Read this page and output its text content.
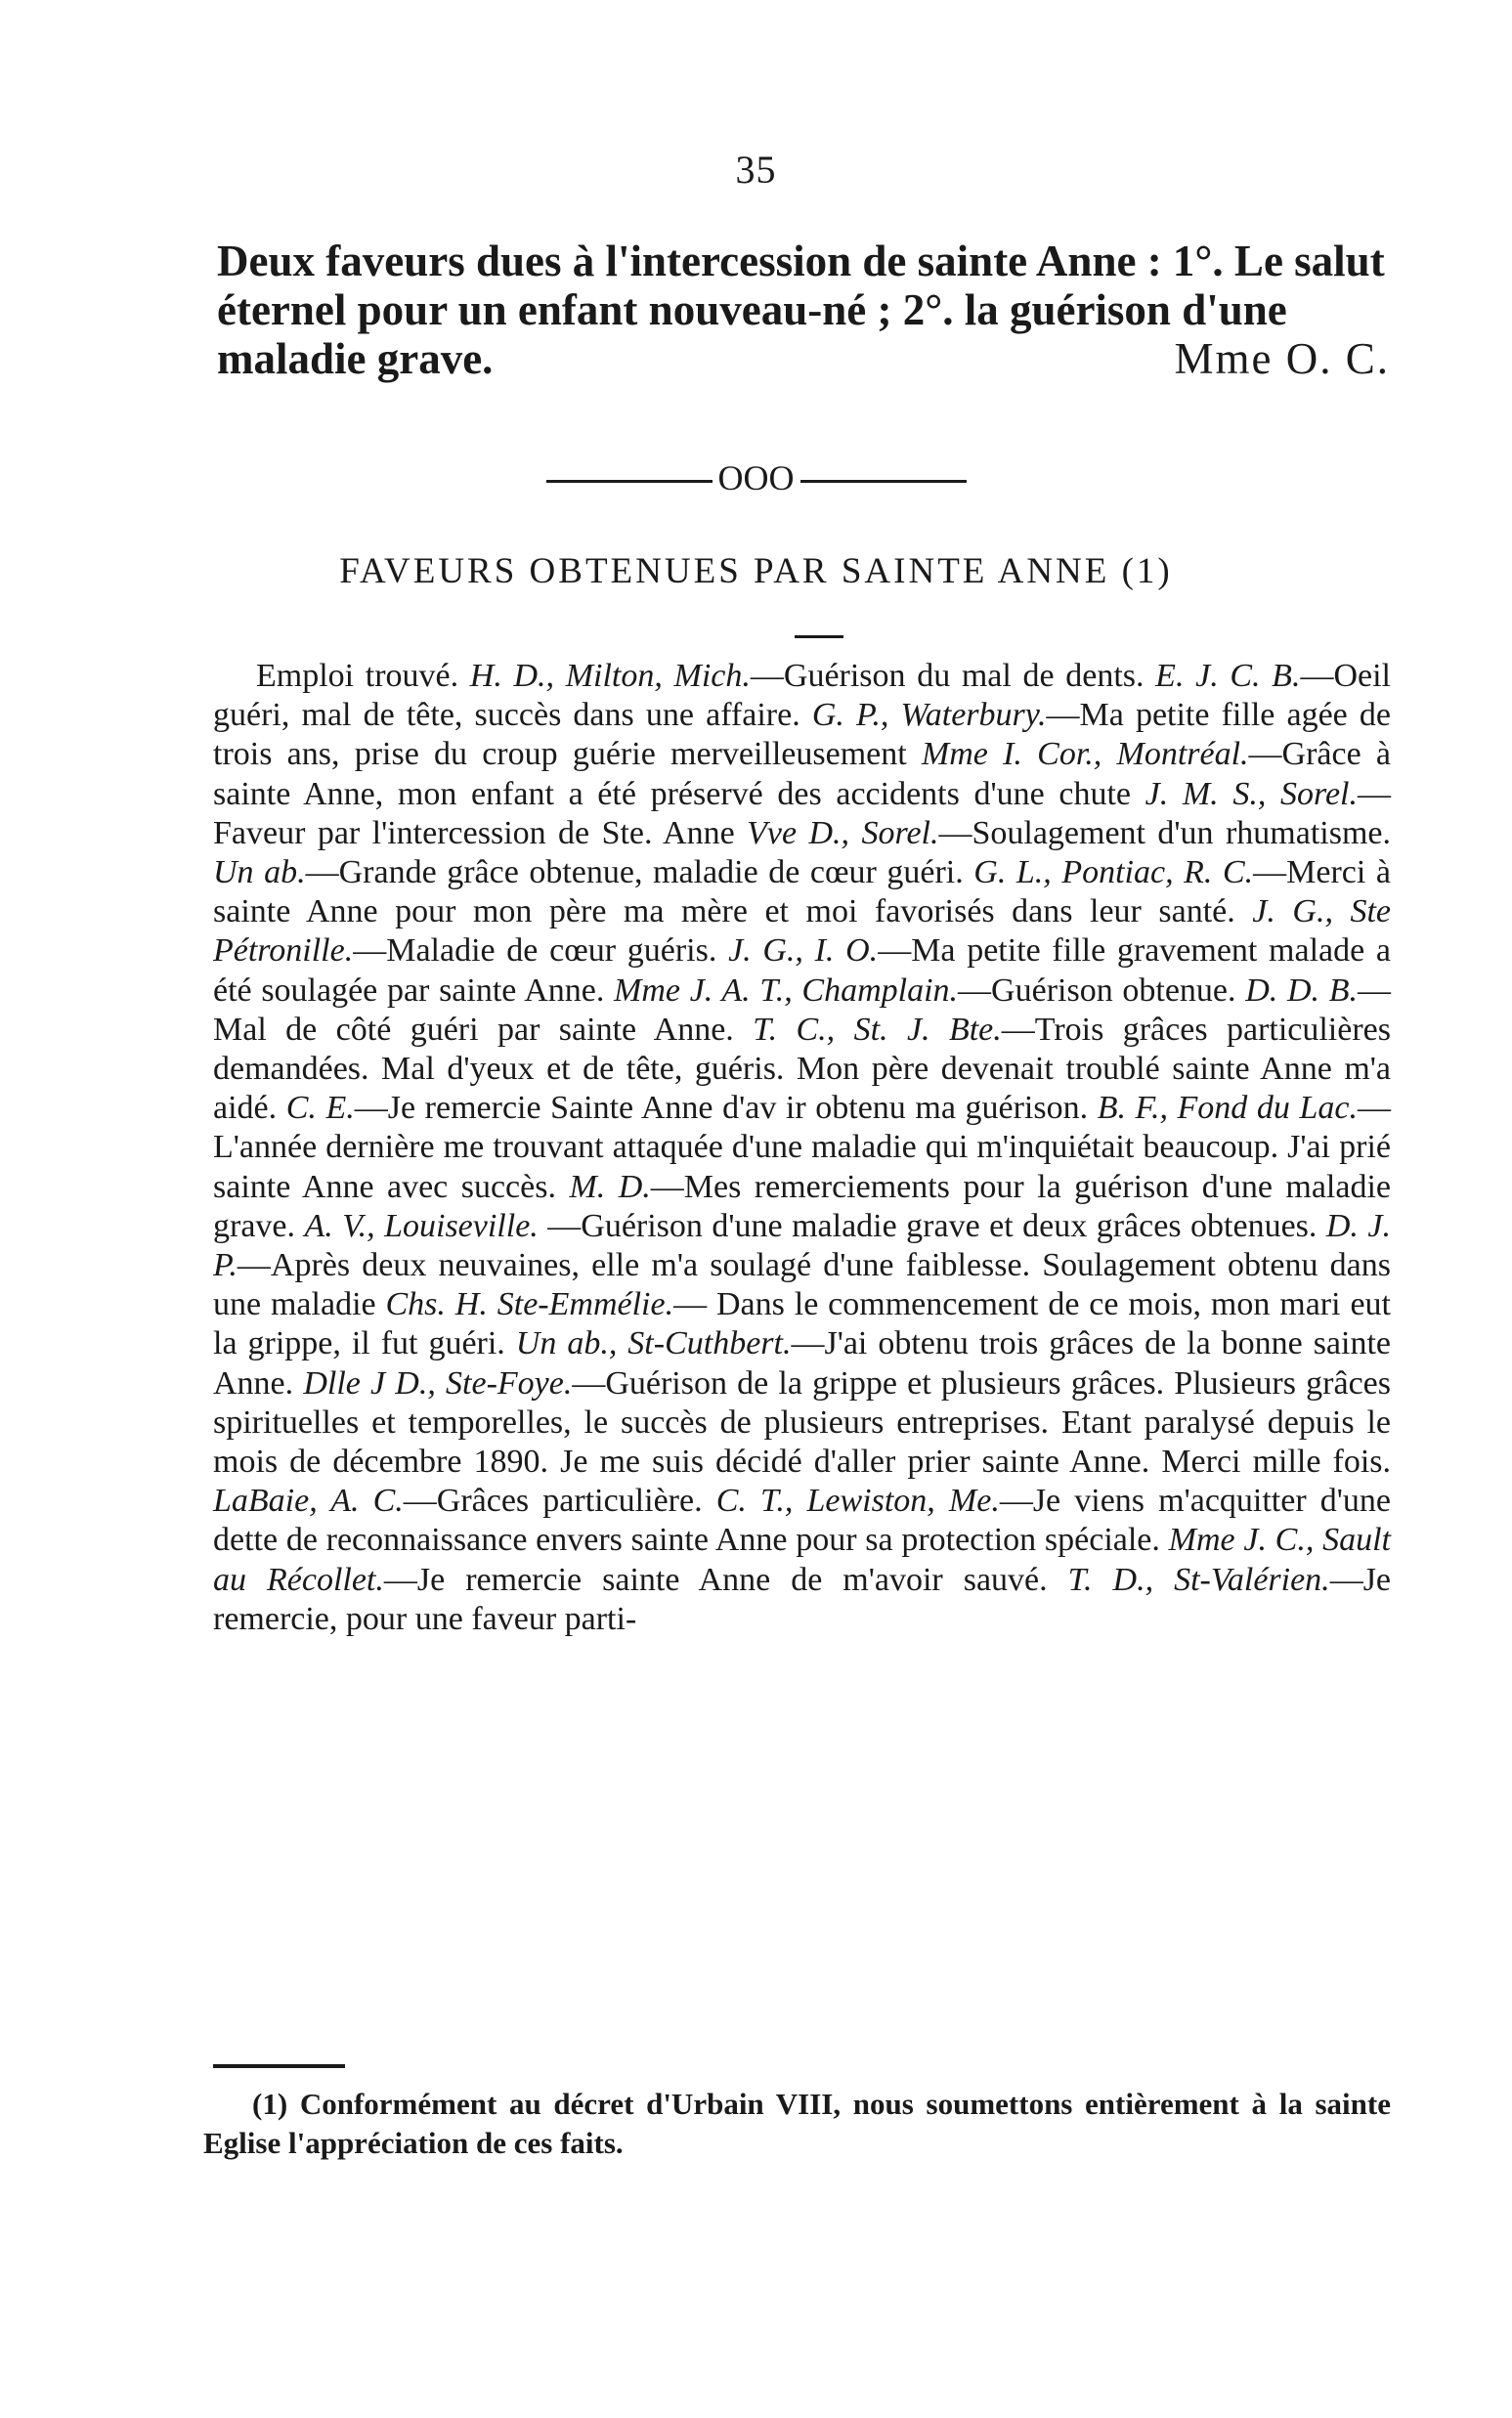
35
Deux faveurs dues à l'intercession de sainte Anne : 1°. Le salut éternel pour un enfant nouveau-né ; 2°. la guérison d'une maladie grave.	Mme O. C.
OOO
FAVEURS OBTENUES PAR SAINTE ANNE (1)
Emploi trouvé. H. D., Milton, Mich.—Guérison du mal de dents. E. J. C. B.—Oeil guéri, mal de tête, succès dans une affaire. G. P., Waterbury.—Ma petite fille agée de trois ans, prise du croup guérie merveilleusement Mme I. Cor., Montréal.—Grâce à sainte Anne, mon enfant a été préservé des accidents d'une chute J. M. S., Sorel.—Faveur par l'intercession de Ste. Anne Vve D., Sorel.—Soulagement d'un rhumatisme. Un ab.—Grande grâce obtenue, maladie de cœur guéri. G. L., Pontiac, R. C.—Merci à sainte Anne pour mon père ma mère et moi favorisés dans leur santé. J. G., Ste Pétronille.—Maladie de cœur guéris. J. G., I. O.—Ma petite fille gravement malade a été soulagée par sainte Anne. Mme J. A. T., Champlain.—Guérison obtenue. D. D. B.—Mal de côté guéri par sainte Anne. T. C., St. J. Bte.—Trois grâces particulières demandées. Mal d'yeux et de tête, guéris. Mon père devenait troublé sainte Anne m'a aidé. C. E.—Je remercie Sainte Anne d'av ir obtenu ma guérison. B. F., Fond du Lac.— L'année dernière me trouvant attaquée d'une maladie qui m'inquiétait beaucoup. J'ai prié sainte Anne avec succès. M. D.—Mes remerciements pour la guérison d'une maladie grave. A. V., Louiseville. —Guérison d'une maladie grave et deux grâces obtenues. D. J. P.—Après deux neuvaines, elle m'a soulagé d'une faiblesse. Soulagement obtenu dans une maladie Chs. H. Ste-Emmélie.— Dans le commencement de ce mois, mon mari eut la grippe, il fut guéri. Un ab., St-Cuthbert.—J'ai obtenu trois grâces de la bonne sainte Anne. Dlle J D., Ste-Foye.—Guérison de la grippe et plusieurs grâces. Plusieurs grâces spirituelles et temporelles, le succès de plusieurs entreprises. Etant paralysé depuis le mois de décembre 1890. Je me suis décidé d'aller prier sainte Anne. Merci mille fois. LaBaie, A. C.—Grâces particulière. C. T., Lewiston, Me.—Je viens m'acquitter d'une dette de reconnaissance envers sainte Anne pour sa protection spéciale. Mme J. C., Sault au Récollet.—Je remercie sainte Anne de m'avoir sauvé. T. D., St-Valérien.—Je remercie, pour une faveur parti-
(1) Conformément au décret d'Urbain VIII, nous soumettons entièrement à la sainte Eglise l'appréciation de ces faits.
